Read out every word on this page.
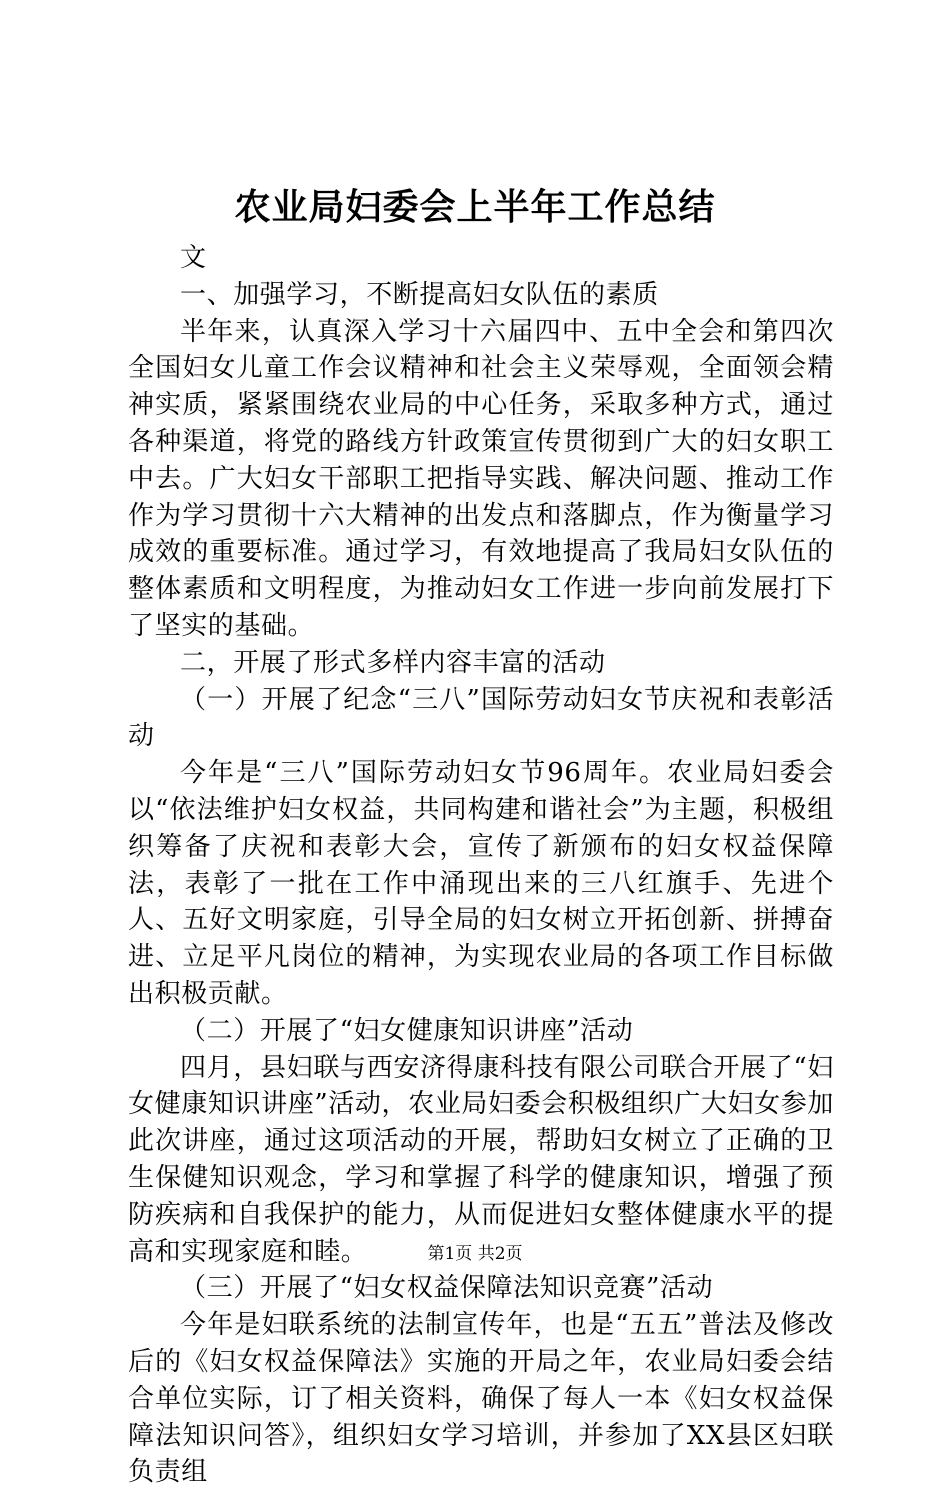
农业局妇委会上半年工作总结

文

一、加强学习，不断提高妇女队伍的素质

半年来，认真深入学习十六届四中、五中全会和第四次全国妇女儿童工作会议精神和社会主义荣辱观，全面领会精神实质，紧紧围绕农业局的中心任务，采取多种方式，通过各种渠道，将党的路线方针政策宣传贯彻到广大的妇女职工中去。广大妇女干部职工把指导实践、解决问题、推动工作作为学习贯彻十六大精神的出发点和落脚点，作为衡量学习成效的重要标准。通过学习，有效地提高了我局妇女队伍的整体素质和文明程度，为推动妇女工作进一步向前发展打下了坚实的基础。

二，开展了形式多样内容丰富的活动

（一）开展了纪念“三八”国际劳动妇女节庆祝和表彰活动

今年是“三八”国际劳动妇女节96周年。农业局妇委会以“依法维护妇女权益，共同构建和谐社会”为主题，积极组织筹备了庆祝和表彰大会，宣传了新颁布的妇女权益保障法，表彰了一批在工作中涌现出来的三八红旗手、先进个人、五好文明家庭，引导全局的妇女树立开拓创新、拼搏奋进、立足平凡岗位的精神，为实现农业局的各项工作目标做出积极贡献。

（二）开展了“妇女健康知识讲座”活动

四月，县妇联与西安济得康科技有限公司联合开展了“妇女健康知识讲座”活动，农业局妇委会积极组织广大妇女参加此次讲座，通过这项活动的开展，帮助妇女树立了正确的卫生保健知识观念，学习和掌握了科学的健康知识，增强了预防疾病和自我保护的能力，从而促进妇女整体健康水平的提高和实现家庭和睦。

（三）开展了“妇女权益保障法知识竞赛”活动

今年是妇联系统的法制宣传年，也是“五五”普法及修改后的《妇女权益保障法》实施的开局之年，农业局妇委会结合单位实际，订了相关资料，确保了每人一本《妇女权益保障法知识问答》，组织妇女学习培训，并参加了XX县区妇联负责组

第1页 共2页
